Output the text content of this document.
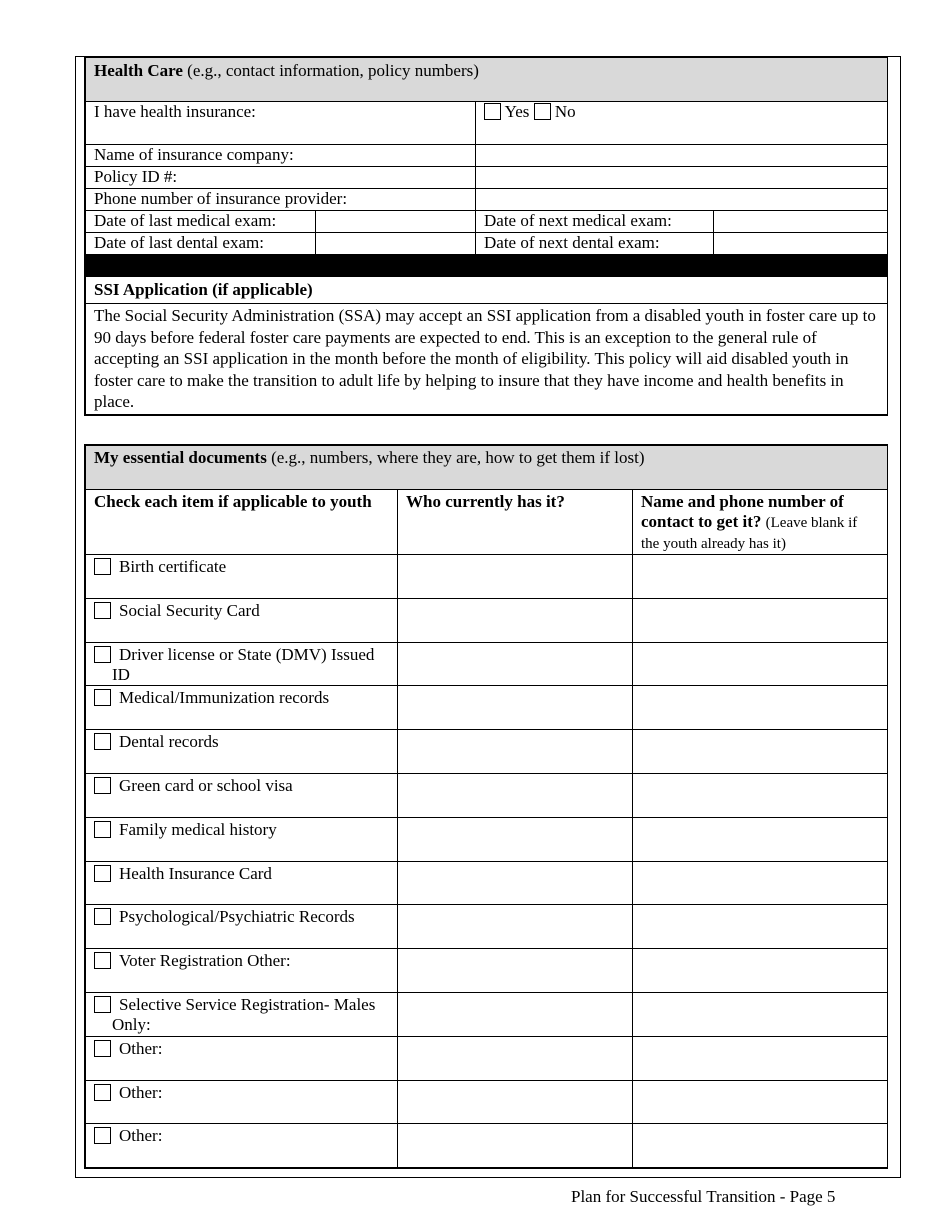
Health Care (e.g., contact information, policy numbers)			
I have health insurance:		Yes No	
Name of insurance company:			
Policy ID #:			
Phone number of insurance provider:			
Date of last medical exam:		Date of next medical exam:	
Date of last dental exam:		Date of next dental exam:	

SSI Application (if applicable)			
The Social Security Administration (SSA) may accept an SSI application from a disabled youth in foster care up to 90 days before federal foster care payments are expected to end. This is an exception to the general rule of accepting an SSI application in the month before the month of eligibility. This policy will aid disabled youth in foster care to make the transition to adult life by helping to insure that they have income and health benefits in place.			
My essential documents (e.g., numbers, where they are, how to get them if lost)		
Check each item if applicable to youth	Who currently has it?	Name and phone number of contact to get it? (Leave blank if the youth already has it)
Birth certificate		
Social Security Card		
Driver license or State (DMV) Issued ID		
Medical/Immunization records		
Dental records		
Green card or school visa		
Family medical history		
Health Insurance Card		
Psychological/Psychiatric Records		
Voter Registration Other:		
Selective Service Registration- Males Only:		
Other:		
Other:		
Other:		
Plan for Successful Transition - Page 5
